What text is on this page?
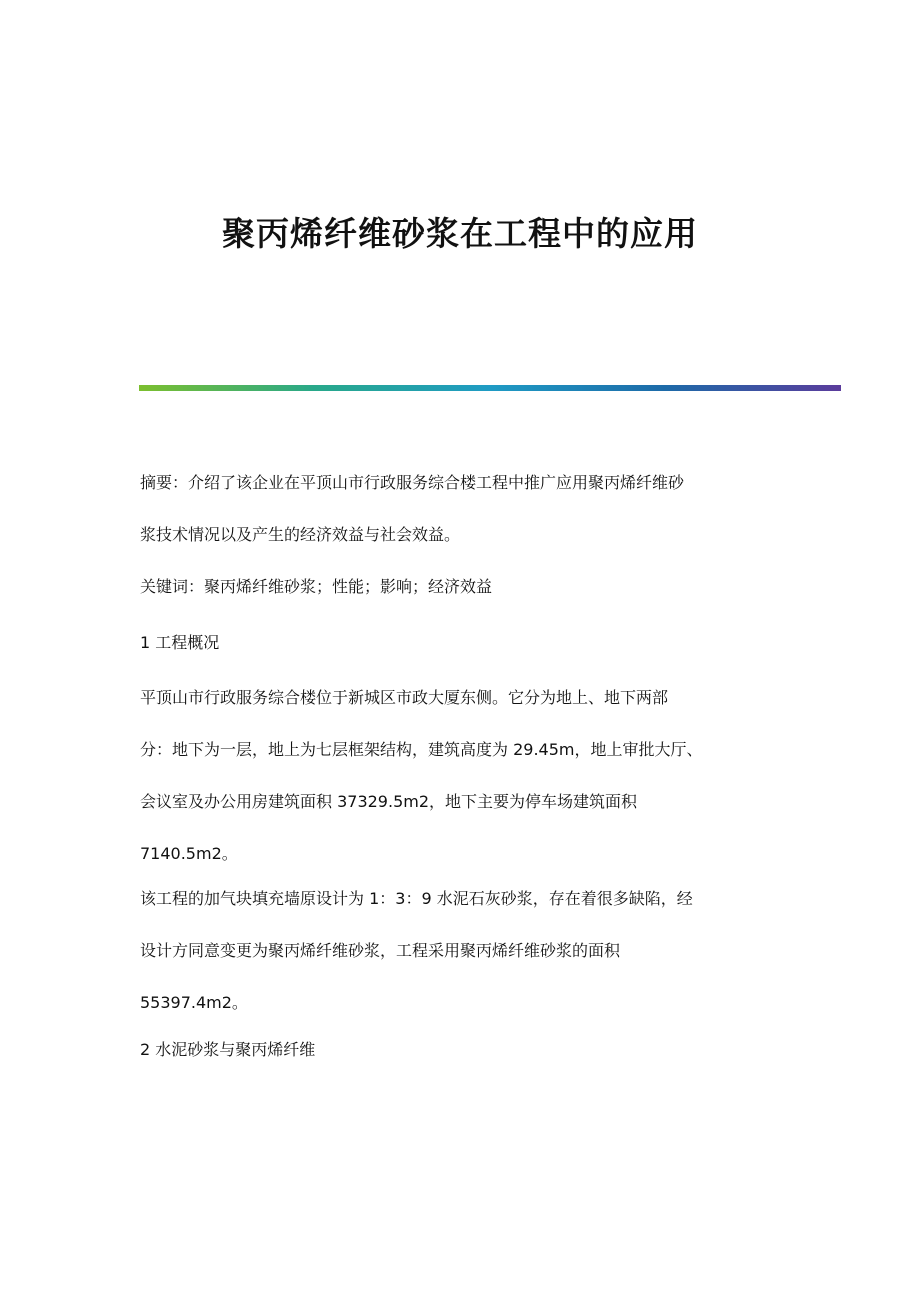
聚丙烯纤维砂浆在工程中的应用
摘要：介绍了该企业在平顶山市行政服务综合楼工程中推广应用聚丙烯纤维砂
浆技术情况以及产生的经济效益与社会效益。
关键词：聚丙烯纤维砂浆；性能；影响；经济效益
1 工程概况
平顶山市行政服务综合楼位于新城区市政大厦东侧。它分为地上、地下两部
分：地下为一层，地上为七层框架结构，建筑高度为 29.45m，地上审批大厅、
会议室及办公用房建筑面积 37329.5m2，地下主要为停车场建筑面积
7140.5m2。
该工程的加气块填充墙原设计为 1：3：9 水泥石灰砂浆，存在着很多缺陷，经
设计方同意变更为聚丙烯纤维砂浆，工程采用聚丙烯纤维砂浆的面积
55397.4m2。
2 水泥砂浆与聚丙烯纤维
